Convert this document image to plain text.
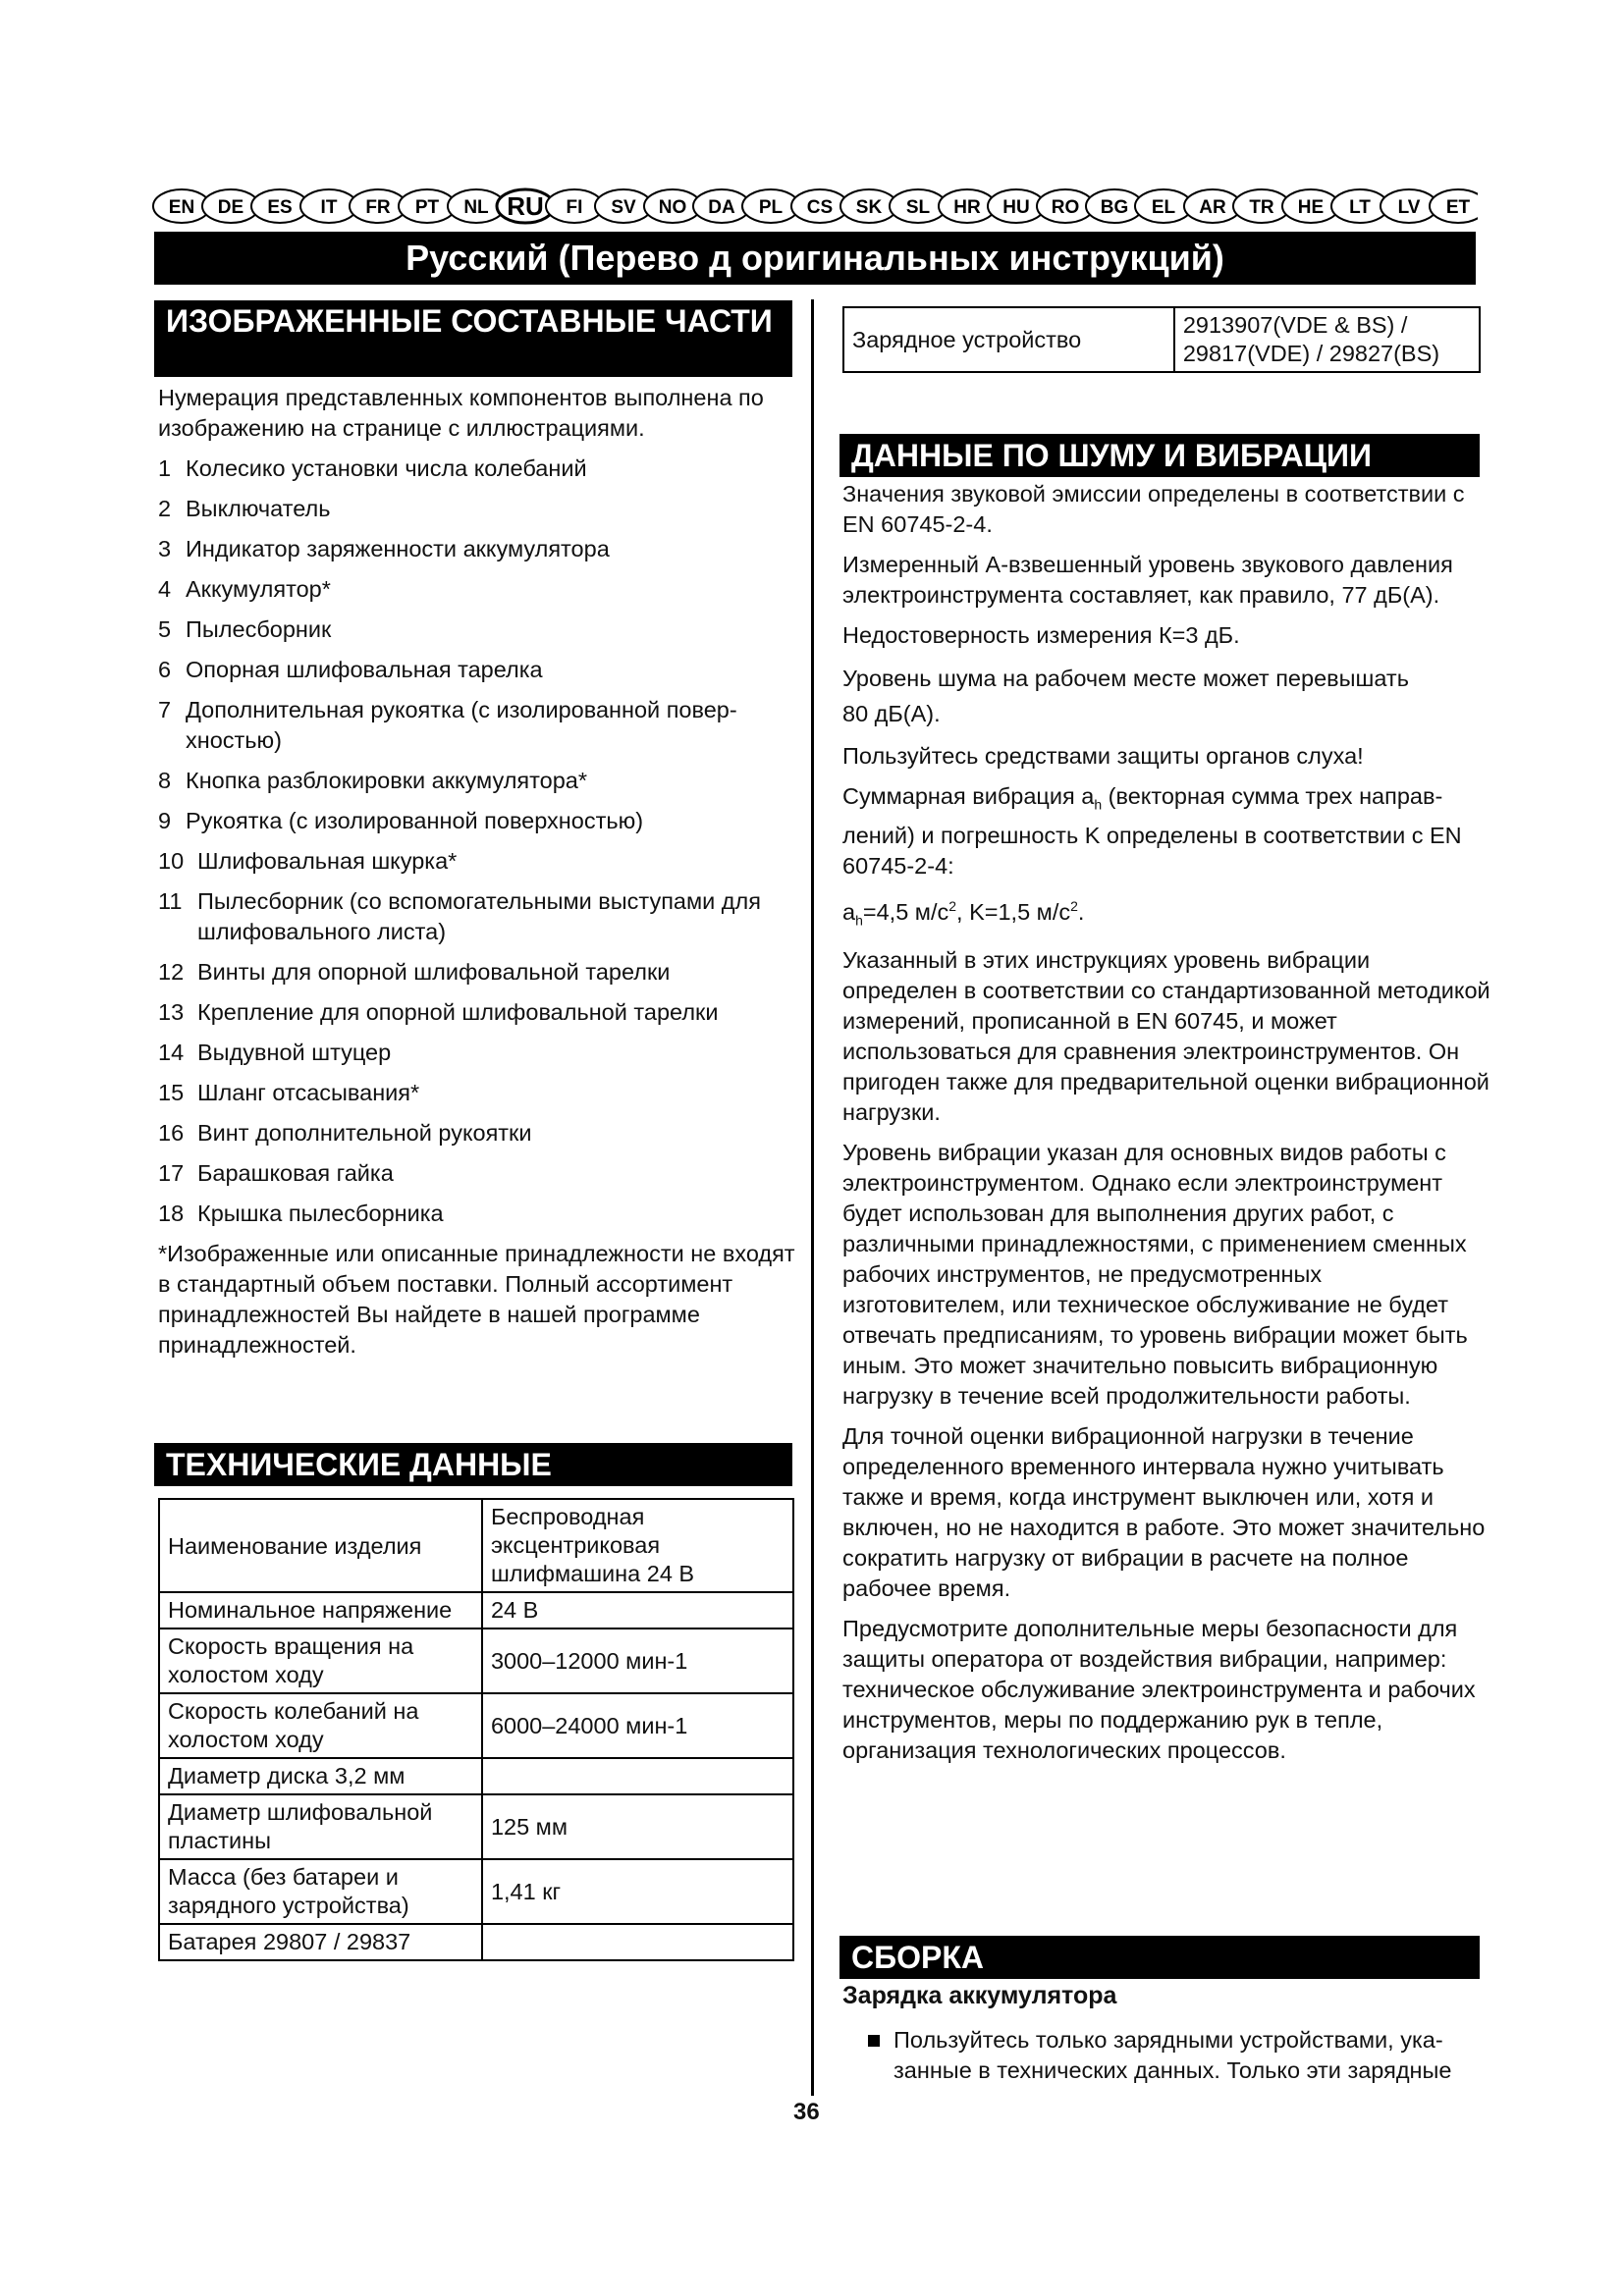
EN DE ES IT FR PT NL RU FI SV NO DA PL CS SK SL HR HU RO BG EL AR TR HE LT LV ET
Русский (Перево д оригинальных инструкций)
ИЗОБРАЖЕННЫЕ СОСТАВНЫЕ ЧАСТИ

Нумерация представленных компонентов выполнена по изображению на странице с иллюстрациями.

1 Колесико установки числа колебаний
2 Выключатель
3 Индикатор заряженности аккумулятора
4 Аккумулятор*
5 Пылесборник
6 Опорная шлифовальная тарелка
7 Дополнительная рукоятка (с изолированной повер-хностью)
8 Кнопка разблокировки аккумулятора*
9 Рукоятка (с изолированной поверхностью)
10 Шлифовальная шкурка*
11 Пылесборник (со вспомогательными выступами для шлифовального листа)
12 Винты для опорной шлифовальной тарелки
13 Крепление для опорной шлифовальной тарелки
14 Выдувной штуцер
15 Шланг отсасывания*
16 Винт дополнительной рукоятки
17 Барашковая гайка
18 Крышка пылесборника

*Изображенные или описанные принадлежности не входят в стандартный объем поставки. Полный ассортимент принадлежностей Вы найдете в нашей программе принадлежностей.

ТЕХНИЧЕСКИЕ ДАННЫЕ
Наименование изделия	Беспроводная эксцентриковая шлифмашина 24 В
Номинальное напряжение	24 В
Скорость вращения на холостом ходу	3000–12000 мин-1
Скорость колебаний на холостом ходу	6000–24000 мин-1
Диаметр диска 3,2 мм	
Диаметр шлифовальной пластины	125 мм
Масса (без батареи и зарядного устройства)	1,41 кг
Батарея 29807 / 29837	
Зарядное устройство	2913907(VDE & BS) / 29817(VDE) / 29827(BS)
ДАННЫЕ ПО ШУМУ И ВИБРАЦИИ

Значения звуковой эмиссии определены в соответствии с EN 60745-2-4.

Измеренный А-взвешенный уровень звукового давления электроинструмента составляет, как правило, 77 дБ(А).

Недостоверность измерения К=3 дБ.

Уровень шума на рабочем месте может перевышать
80 дБ(А).

Пользуйтесь средствами защиты органов слуха!

Суммарная вибрация $a_h$ (векторная сумма трех направ- лений) и погрешность K определены в соответствии с EN 60745-2-4:

$a_h=4,5$ $м/с^2$, K=1,5 $м/с^2$.

Указанный в этих инструкциях уровень вибрации определен в соответствии со стандартизованной методикой измерений, прописанной в EN 60745, и может использоваться для сравнения электроинструментов. Он пригоден также для предварительной оценки вибрационной нагрузки.

Уровень вибрации указан для основных видов работы с электроинструментом. Однако если электроинструмент будет использован для выполнения других работ, с различными принадлежностями, с применением сменных рабочих инструментов, не предусмотренных изготовителем, или техническое обслуживание не будет отвечать предписаниям, то уровень вибрации может быть иным. Это может значительно повысить вибрационную нагрузку в течение всей продолжительности работы.

Для точной оценки вибрационной нагрузки в течение определенного временного интервала нужно учитывать также и время, когда инструмент выключен или, хотя и включен, но не находится в работе. Это может значительно сократить нагрузку от вибрации в расчете на полное рабочее время.

Предусмотрите дополнительные меры безопасности для защиты оператора от воздействия вибрации, например: техническое обслуживание электроинструмента и рабочих инструментов, меры по поддержанию рук в тепле, организация технологических процессов.

СБОРКА

Зарядка аккумулятора

Пользуйтесь только зарядными устройствами, ука-занные в технических данных. Только эти зарядные
36
